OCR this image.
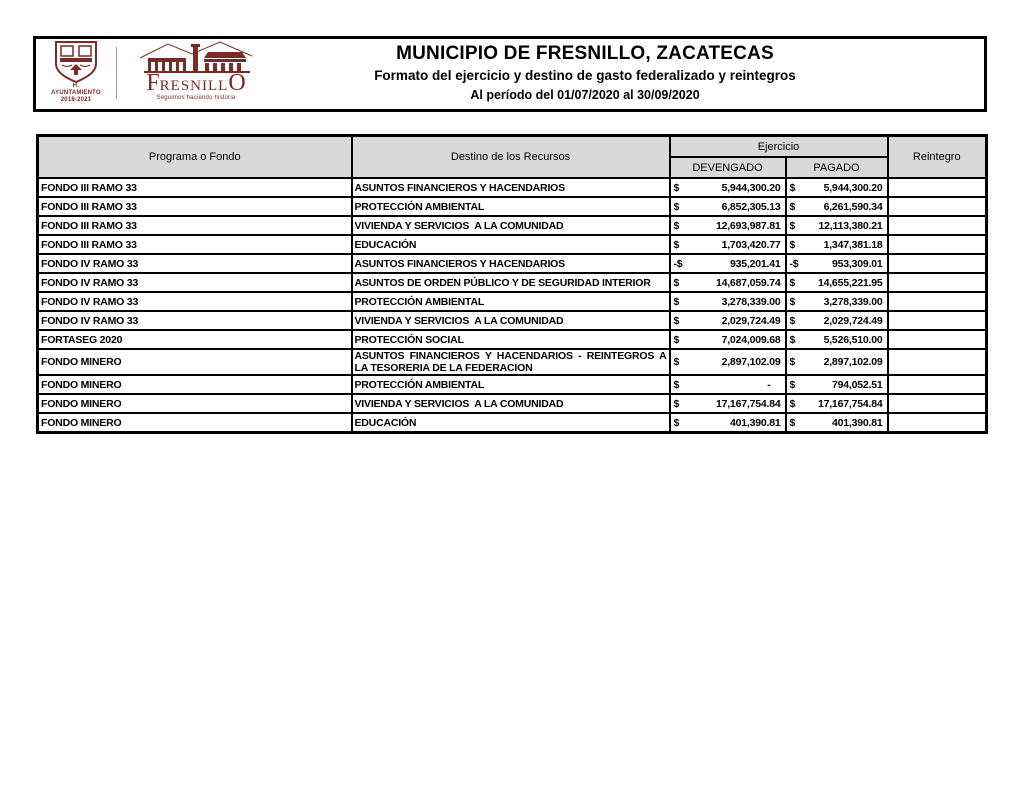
H. AYUNTAMIENTO
2018-2021
FRESNILLO
Seguimos haciendo historia
MUNICIPIO DE FRESNILLO, ZACATECAS
Formato del ejercicio y destino de gasto federalizado y reintegros
Al período del 01/07/2020 al 30/09/2020
Programa o Fondo	Destino de los Recursos	Ejercicio		Reintegro
		DEVENGADO	PAGADO	
FONDO III RAMO 33	ASUNTOS FINANCIEROS Y HACENDARIOS	$ 5,944,300.20	$ 5,944,300.20	

FONDO III RAMO 33	PROTECCIÓN AMBIENTAL	$ 6,852,305.13	$ 6,261,590.34	

FONDO III RAMO 33	VIVIENDA Y SERVICIOS  A LA COMUNIDAD	$ 12,693,987.81	$ 12,113,380.21	

FONDO III RAMO 33	EDUCACIÓN	$ 1,703,420.77	$ 1,347,381.18	

FONDO IV RAMO 33	ASUNTOS FINANCIEROS Y HACENDARIOS	-$ 935,201.41	-$ 953,309.01	

FONDO IV RAMO 33	ASUNTOS DE ORDEN PÚBLICO Y DE SEGURIDAD INTERIOR	$ 14,687,059.74	$ 14,655,221.95	

FONDO IV RAMO 33	PROTECCIÓN AMBIENTAL	$ 3,278,339.00	$ 3,278,339.00	

FONDO IV RAMO 33	VIVIENDA Y SERVICIOS  A LA COMUNIDAD	$ 2,029,724.49	$ 2,029,724.49	

FORTASEG 2020	PROTECCIÓN SOCIAL	$ 7,024,009.68	$ 5,526,510.00	

FONDO MINERO	ASUNTOS FINANCIEROS Y HACENDARIOS - REINTEGROS A LA TESORERIA DE LA FEDERACION	$ 2,897,102.09	$ 2,897,102.09	

FONDO MINERO	PROTECCIÓN AMBIENTAL	$ -	$ 794,052.51	

FONDO MINERO	VIVIENDA Y SERVICIOS  A LA COMUNIDAD	$ 17,167,754.84	$ 17,167,754.84	

FONDO MINERO	EDUCACIÓN	$ 401,390.81	$ 401,390.81	
